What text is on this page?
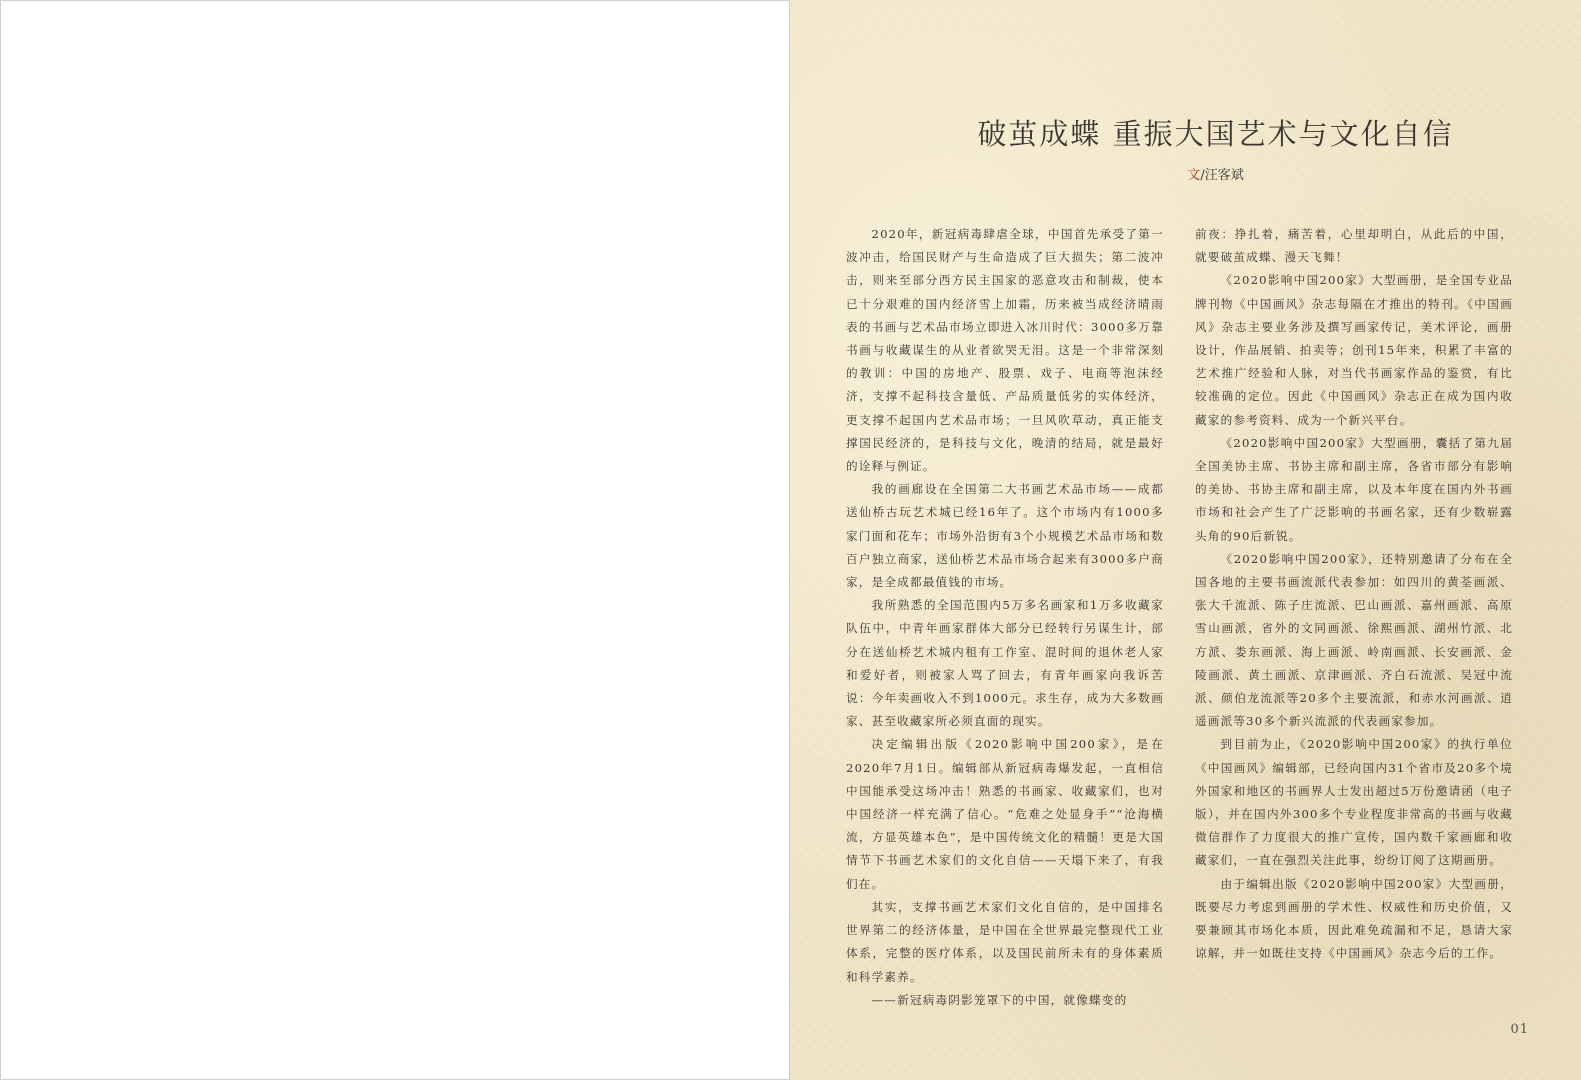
破茧成蝶 重振大国艺术与文化自信
文/汪客斌

2020年，新冠病毒肆虐全球，中国首先承受了第一波冲击，给国民财产与生命造成了巨大损失；第二波冲击，则来至部分西方民主国家的恶意攻击和制裁，使本已十分艰难的国内经济雪上加霜，历来被当成经济晴雨表的书画与艺术品市场立即进入冰川时代：3000多万靠书画与收藏谋生的从业者欲哭无泪。这是一个非常深刻的教训：中国的房地产、股票、戏子、电商等泡沫经济，支撑不起科技含量低、产品质量低劣的实体经济，更支撑不起国内艺术品市场；一旦风吹草动，真正能支撑国民经济的，是科技与文化，晚清的结局，就是最好的诠释与例证。

我的画廊设在全国第二大书画艺术品市场——成都送仙桥古玩艺术城已经16年了。这个市场内有1000多家门面和花车；市场外沿街有3个小规模艺术品市场和数百户独立商家，送仙桥艺术品市场合起来有3000多户商家，是全成都最值钱的市场。

我所熟悉的全国范围内5万多名画家和1万多收藏家队伍中，中青年画家群体大部分已经转行另谋生计，部分在送仙桥艺术城内租有工作室、混时间的退休老人家和爱好者，则被家人骂了回去，有青年画家向我诉苦说：今年卖画收入不到1000元。求生存，成为大多数画家、甚至收藏家所必须直面的现实。

决定编辑出版《2020影响中国200家》，是在2020年7月1日。编辑部从新冠病毒爆发起，一直相信中国能承受这场冲击！熟悉的书画家、收藏家们，也对中国经济一样充满了信心。“危难之处显身手”“沧海横流，方显英雄本色”，是中国传统文化的精髓！更是大国情节下书画艺术家们的文化自信——天塌下来了，有我们在。

其实，支撑书画艺术家们文化自信的，是中国排名世界第二的经济体量，是中国在全世界最完整现代工业体系，完整的医疗体系，以及国民前所未有的身体素质和科学素养。

——新冠病毒阴影笼罩下的中国，就像蝶变的

前夜：挣扎着，痛苦着，心里却明白，从此后的中国，就要破茧成蝶、漫天飞舞！

《2020影响中国200家》大型画册，是全国专业品牌刊物《中国画风》杂志每隔在才推出的特刊。《中国画风》杂志主要业务涉及撰写画家传记，美术评论，画册设计，作品展销、拍卖等；创刊15年来，积累了丰富的艺术推广经验和人脉，对当代书画家作品的鉴赏，有比较准确的定位。因此《中国画风》杂志正在成为国内收藏家的参考资料、成为一个新兴平台。

《2020影响中国200家》大型画册，囊括了第九届全国美协主席、书协主席和副主席，各省市部分有影响的美协、书协主席和副主席，以及本年度在国内外书画市场和社会产生了广泛影响的书画名家，还有少数崭露头角的90后新锐。

《2020影响中国200家》，还特别邀请了分布在全国各地的主要书画流派代表参加：如四川的黄荃画派、张大千流派、陈子庄流派、巴山画派、嘉州画派、高原雪山画派，省外的文同画派、徐熙画派、湖州竹派、北方派、娄东画派、海上画派、岭南画派、长安画派、金陵画派、黄土画派、京津画派、齐白石流派、吴冠中流派、颜伯龙流派等20多个主要流派，和赤水河画派、逍遥画派等30多个新兴流派的代表画家参加。

到目前为止，《2020影响中国200家》的执行单位《中国画风》编辑部，已经向国内31个省市及20多个境外国家和地区的书画界人士发出超过5万份邀请函（电子版），并在国内外300多个专业程度非常高的书画与收藏微信群作了力度很大的推广宣传，国内数千家画廊和收藏家们，一直在强烈关注此事，纷纷订阅了这期画册。

由于编辑出版《2020影响中国200家》大型画册，既要尽力考虑到画册的学术性、权威性和历史价值，又要兼顾其市场化本质，因此难免疏漏和不足，恳请大家谅解，并一如既往支持《中国画风》杂志今后的工作。

01
